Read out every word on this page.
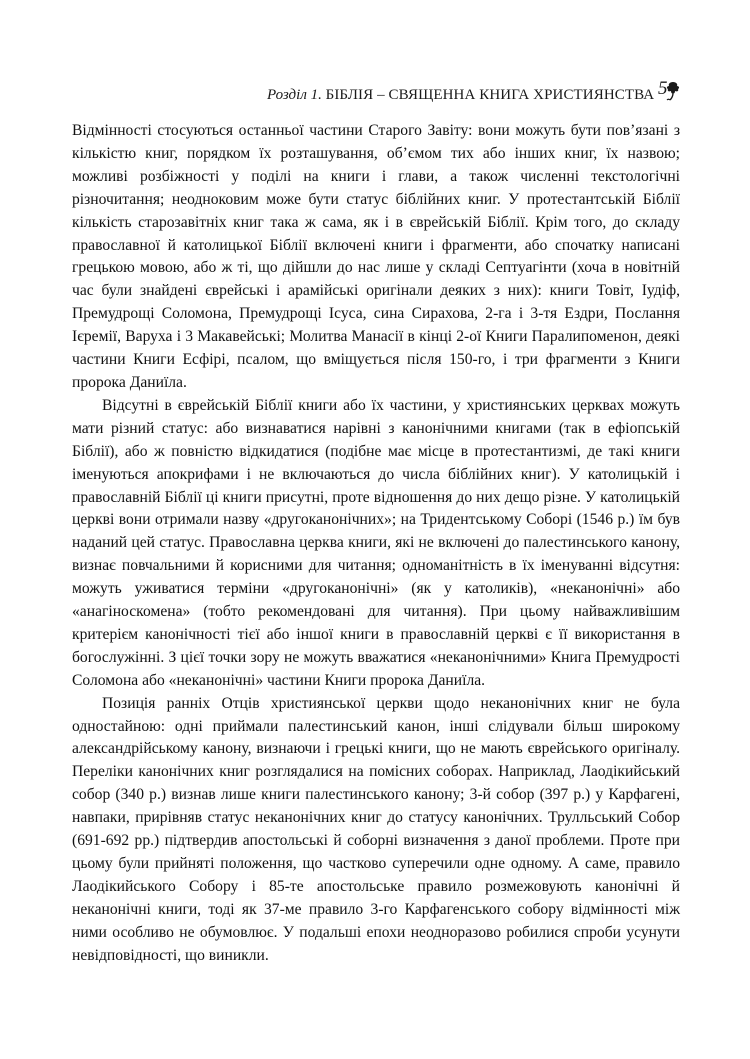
Розділ 1. БІБЛІЯ – СВЯЩЕННА КНИГА ХРИСТИЯНСТВА 5

Відмінності стосуються останньої частини Старого Завіту: вони можуть бути пов’язані з кількістю книг, порядком їх розташування, об’ємом тих або інших книг, їх назвою; можливі розбіжності у поділі на книги і глави, а також численні текстологічні різночитання; неодноковим може бути статус біблійних книг. У протестантській Біблії кількість старозавітніх книг така ж сама, як і в єврейській Біблії. Крім того, до складу православної й католицької Біблії включені книги і фрагменти, або спочатку написані грецькою мовою, або ж ті, що дійшли до нас лише у складі Септуагінти (хоча в новітній час були знайдені єврейські і арамійські оригінали деяких з них): книги Товіт, Іудіф, Премудрощі Соломона, Премудрощі Ісуса, сина Сирахова, 2-га і 3-тя Ездри, Послання Ієремії, Варуха і 3 Макавейські; Молитва Манасії в кінці 2-ої Книги Паралипоменон, деякі частини Книги Есфірі, псалом, що вміщується після 150-го, і три фрагменти з Книги пророка Даниїла.

Відсутні в єврейській Біблії книги або їх частини, у християнських церквах можуть мати різний статус: або визнаватися нарівні з канонічними книгами (так в ефіопській Біблії), або ж повністю відкидатися (подібне має місце в протестантизмі, де такі книги іменуються апокрифами і не включаються до числа біблійних книг). У католицькій і православній Біблії ці книги присутні, проте відношення до них дещо різне. У католицькій церкві вони отримали назву «другоканонічних»; на Тридентському Соборі (1546 р.) їм був наданий цей статус. Православна церква книги, які не включені до палестинського канону, визнає повчальними й корисними для читання; одноманітність в їх іменуванні відсутня: можуть уживатися терміни «другоканонічні» (як у католиків), «неканонічні» або «анагіноскомена» (тобто рекомендовані для читання). При цьому найважливішим критерієм канонічності тієї або іншої книги в православній церкві є її використання в богослужінні. З цієї точки зору не можуть вважатися «неканонічними» Книга Премудрості Соломона або «неканонічні» частини Книги пророка Даниїла.

Позиція ранніх Отців християнської церкви щодо неканонічних книг не була одностайною: одні приймали палестинський канон, інші слідували більш широкому александрійському канону, визнаючи і грецькі книги, що не мають єврейського оригіналу. Переліки канонічних книг розглядалися на помісних соборах. Наприклад, Лаодікийський собор (340 р.) визнав лише книги палестинського канону; 3-й собор (397 р.) у Карфагені, навпаки, прирівняв статус неканонічних книг до статусу канонічних. Трулльський Собор (691-692 рр.) підтвердив апостольські й соборні визначення з даної проблеми. Проте при цьому були прийняті положення, що частково суперечили одне одному. А саме, правило Лаодікийського Собору і 85-те апостольське правило розмежовують канонічні й неканонічні книги, тоді як 37-ме правило 3-го Карфагенського собору відмінності між ними особливо не обумовлює. У подальші епохи неодноразово робилися спроби усунути невідповідності, що виникли.
